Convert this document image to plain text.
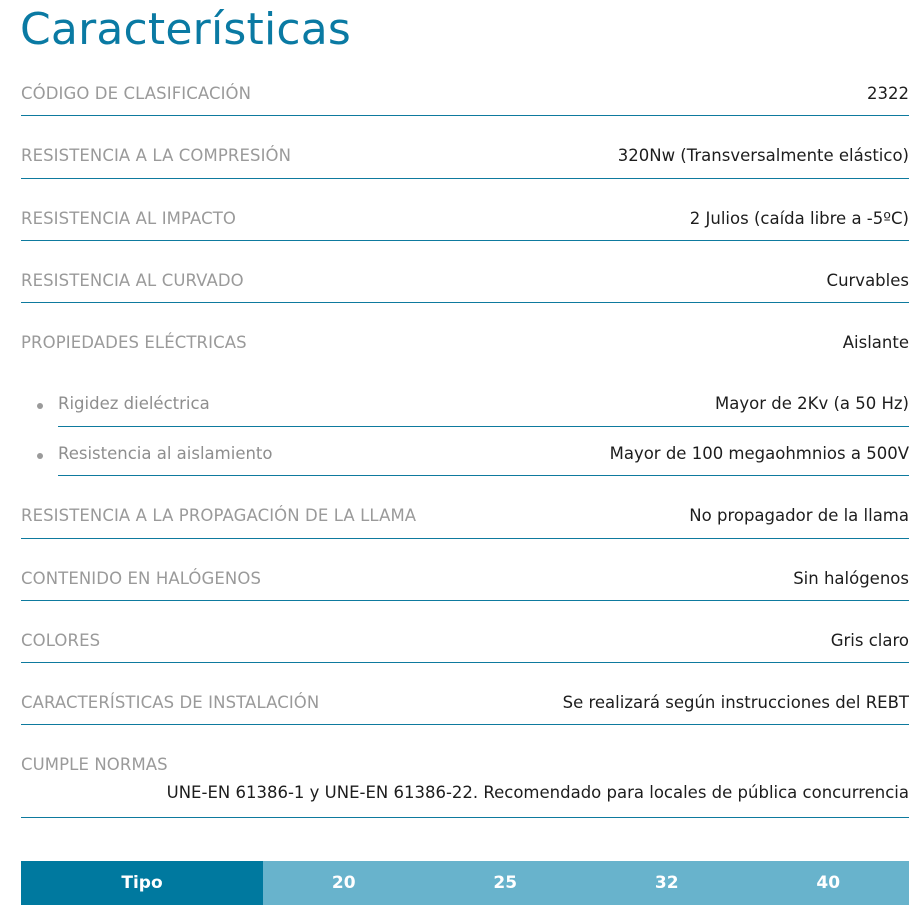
Características
CÓDIGO DE CLASIFICACIÓN	2322
RESISTENCIA A LA COMPRESIÓN	320Nw (Transversalmente elástico)
RESISTENCIA AL IMPACTO	2 Julios (caída libre a -5ºC)
RESISTENCIA AL CURVADO	Curvables
PROPIEDADES ELÉCTRICAS	Aislante
Rigidez dieléctrica	Mayor de 2Kv (a 50 Hz)
Resistencia al aislamiento	Mayor de 100 megaohmnios a 500V
RESISTENCIA A LA PROPAGACIÓN DE LA LLAMA	No propagador de la llama
CONTENIDO EN HALÓGENOS	Sin halógenos
COLORES	Gris claro
CARACTERÍSTICAS DE INSTALACIÓN	Se realizará según instrucciones del REBT
CUMPLE NORMAS
UNE-EN 61386-1 y UNE-EN 61386-22. Recomendado para locales de pública concurrencia
Tipo	20	25	32	40
